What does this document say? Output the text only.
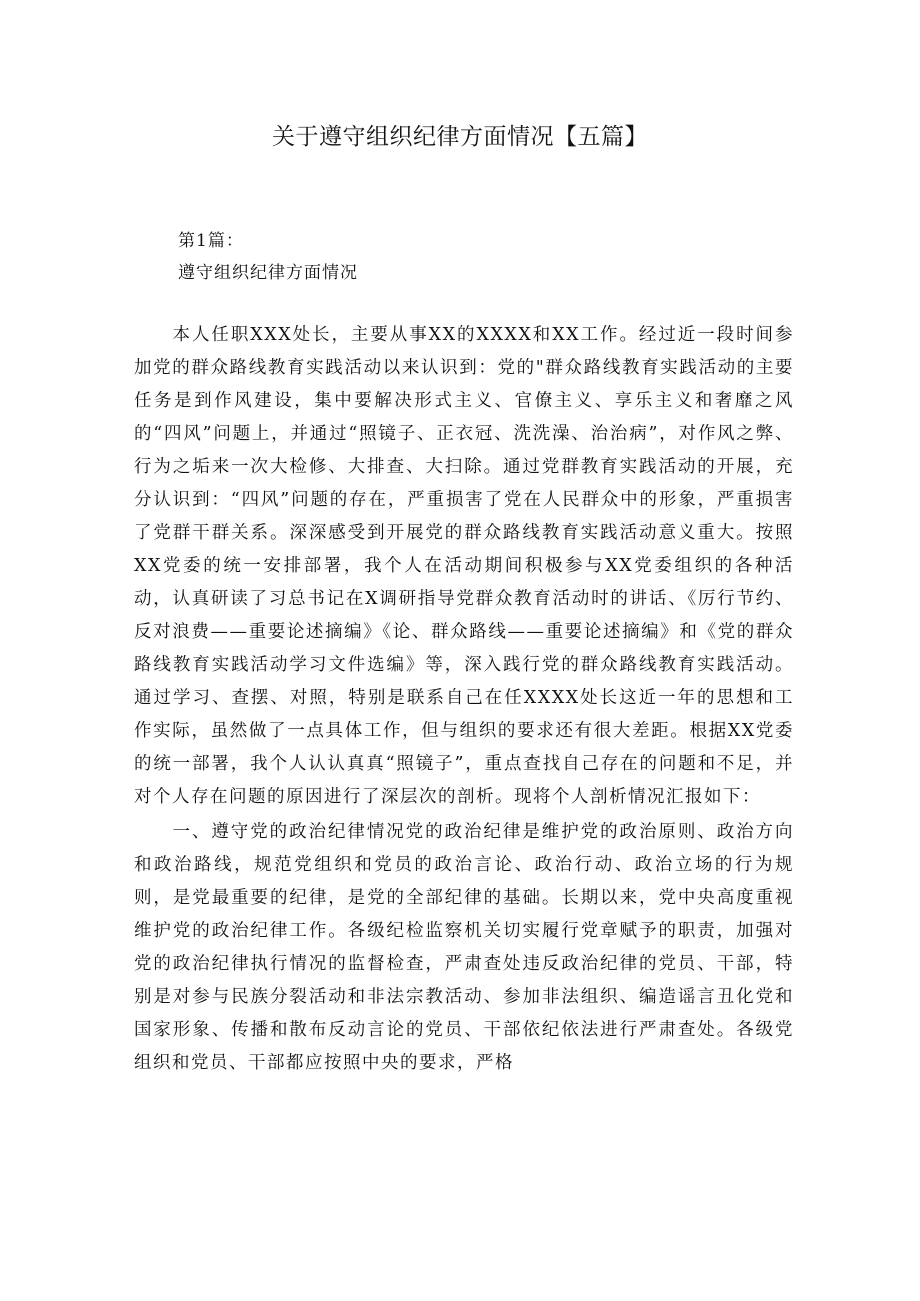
关于遵守组织纪律方面情况【五篇】
第1篇：
遵守组织纪律方面情况

本人任职XXX处长，主要从事XX的XXXX和XX工作。经过近一段时间参加党的群众路线教育实践活动以来认识到：党的"群众路线教育实践活动的主要任务是到作风建设，集中要解决形式主义、官僚主义、享乐主义和奢靡之风的“四风”问题上，并通过“照镜子、正衣冠、洗洗澡、治治病”，对作风之弊、行为之垢来一次大检修、大排查、大扫除。通过党群教育实践活动的开展，充分认识到：“四风”问题的存在，严重损害了党在人民群众中的形象，严重损害了党群干群关系。深深感受到开展党的群众路线教育实践活动意义重大。按照XX党委的统一安排部署，我个人在活动期间积极参与XX党委组织的各种活动，认真研读了习总书记在X调研指导党群众教育活动时的讲话、《厉行节约、反对浪费——重要论述摘编》《论、群众路线——重要论述摘编》和《党的群众路线教育实践活动学习文件选编》等，深入践行党的群众路线教育实践活动。通过学习、查摆、对照，特别是联系自己在任XXXX处长这近一年的思想和工作实际，虽然做了一点具体工作，但与组织的要求还有很大差距。根据XX党委的统一部署，我个人认认真真“照镜子”，重点查找自己存在的问题和不足，并对个人存在问题的原因进行了深层次的剖析。现将个人剖析情况汇报如下：

一、遵守党的政治纪律情况党的政治纪律是维护党的政治原则、政治方向和政治路线，规范党组织和党员的政治言论、政治行动、政治立场的行为规则，是党最重要的纪律，是党的全部纪律的基础。长期以来，党中央高度重视维护党的政治纪律工作。各级纪检监察机关切实履行党章赋予的职责，加强对党的政治纪律执行情况的监督检查，严肃查处违反政治纪律的党员、干部，特别是对参与民族分裂活动和非法宗教活动、参加非法组织、编造谣言丑化党和国家形象、传播和散布反动言论的党员、干部依纪依法进行严肃查处。各级党组织和党员、干部都应按照中央的要求，严格
